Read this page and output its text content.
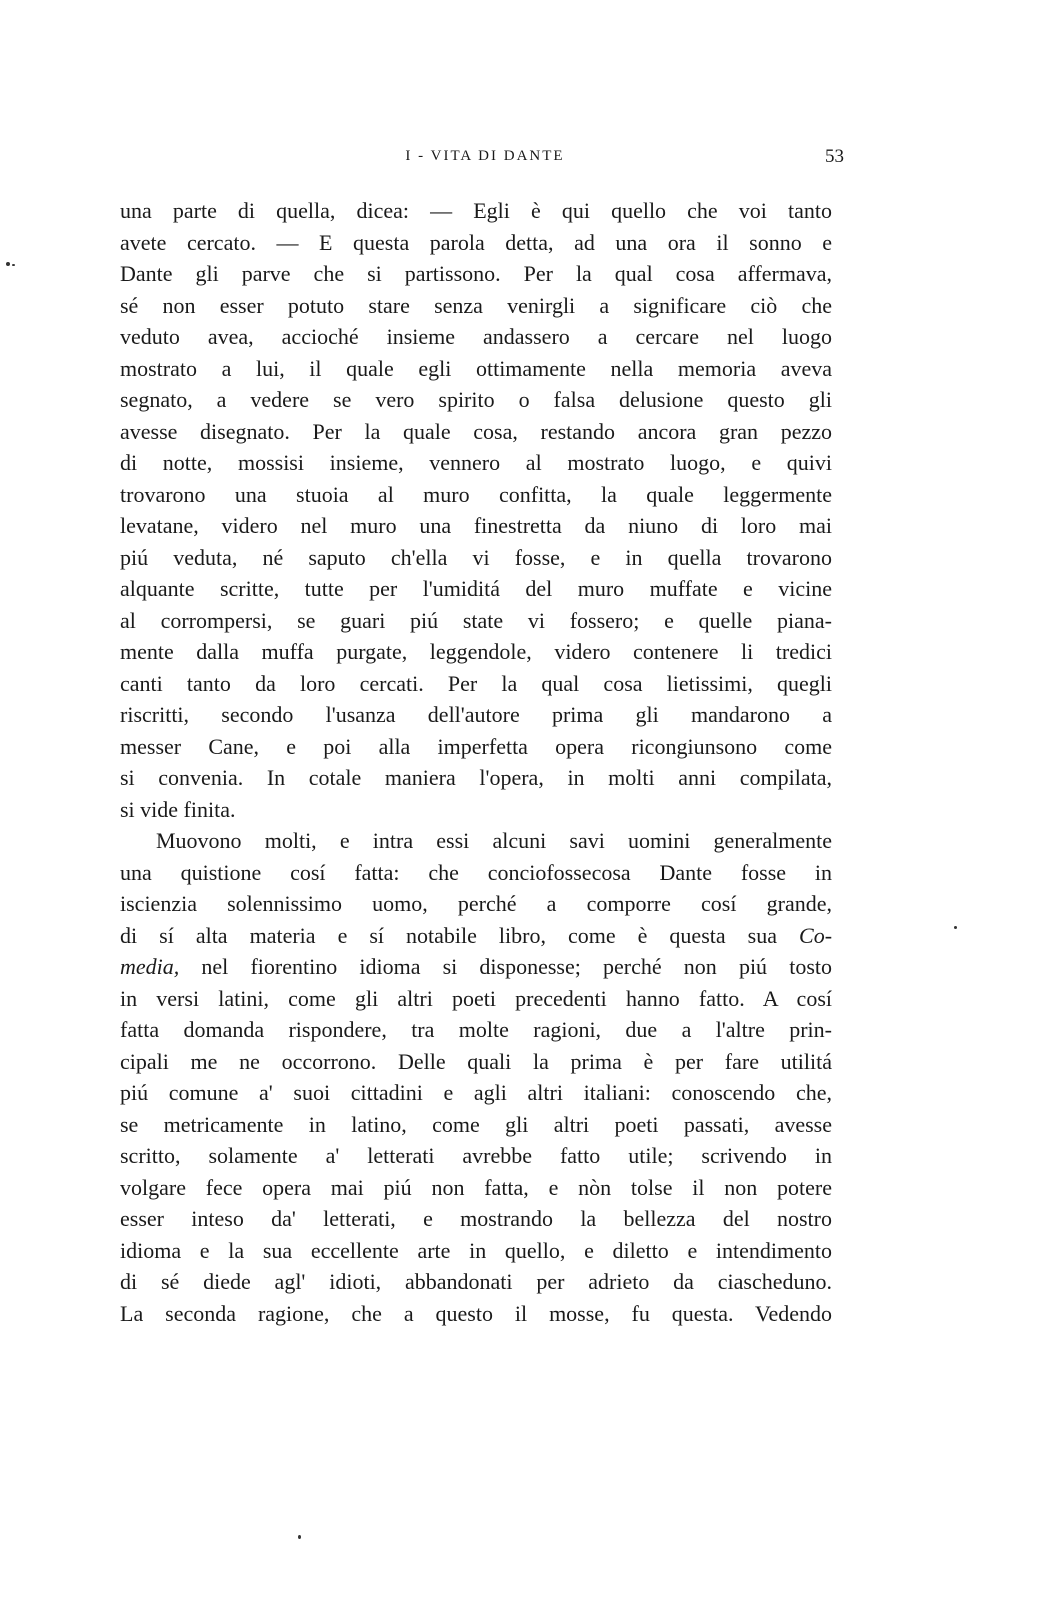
I - VITA DI DANTE	53
una parte di quella, dicea: — Egli è qui quello che voi tanto
avete cercato. — E questa parola detta, ad una ora il sonno e
Dante gli parve che si partissono. Per la qual cosa affermava,
sé non esser potuto stare senza venirgli a significare ciò che
veduto avea, accioché insieme andassero a cercare nel luogo
mostrato a lui, il quale egli ottimamente nella memoria aveva
segnato, a vedere se vero spirito o falsa delusione questo gli
avesse disegnato. Per la quale cosa, restando ancora gran pezzo
di notte, mossisi insieme, vennero al mostrato luogo, e quivi
trovarono una stuoia al muro confitta, la quale leggermente
levatane, videro nel muro una finestretta da niuno di loro mai
piú veduta, né saputo ch'ella vi fosse, e in quella trovarono
alquante scritte, tutte per l'umiditá del muro muffate e vicine
al corrompersi, se guari piú state vi fossero; e quelle piana-
mente dalla muffa purgate, leggendole, videro contenere li tredici
canti tanto da loro cercati. Per la qual cosa lietissimi, quegli
riscritti, secondo l'usanza dell'autore prima gli mandarono a
messer Cane, e poi alla imperfetta opera ricongiunsono come
si convenia. In cotale maniera l'opera, in molti anni compilata,
si vide finita.
Muovono molti, e intra essi alcuni savi uomini generalmente
una quistione cosí fatta: che conciofossecosa Dante fosse in
iscienzia solennissimo uomo, perché a comporre cosí grande,
di sí alta materia e sí notabile libro, come è questa sua Co-
media, nel fiorentino idioma si disponesse; perché non piú tosto
in versi latini, come gli altri poeti precedenti hanno fatto. A cosí
fatta domanda rispondere, tra molte ragioni, due a l'altre prin-
cipali me ne occorrono. Delle quali la prima è per fare utilitá
piú comune a' suoi cittadini e agli altri italiani: conoscendo che,
se metricamente in latino, come gli altri poeti passati, avesse
scritto, solamente a' letterati avrebbe fatto utile; scrivendo in
volgare fece opera mai piú non fatta, e nòn tolse il non potere
esser inteso da' letterati, e mostrando la bellezza del nostro
idioma e la sua eccellente arte in quello, e diletto e intendimento
di sé diede agl' idioti, abbandonati per adrieto da ciascheduno.
La seconda ragione, che a questo il mosse, fu questa. Vedendo
